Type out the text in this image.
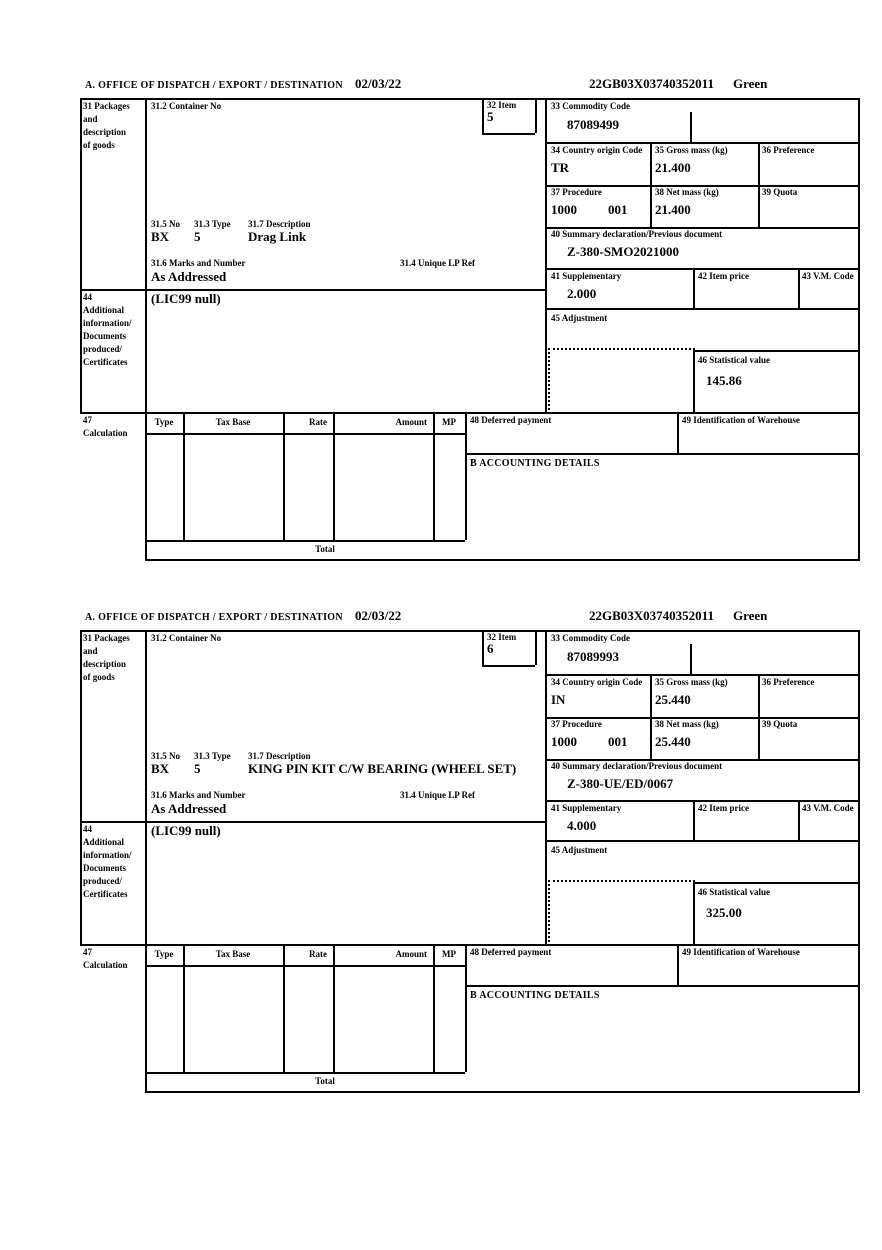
A. OFFICE OF DISPATCH / EXPORT / DESTINATION 02/03/22	22GB03X03740352011 Green
31 Packages
and
description
of goods
44
Additional
information/
Documents
produced/
Certificates
31.2 Container No	32 Item
5
31.5 No 31.3 Type 31.7 Description
BX 5	Drag Link
31.6 Marks and Number	31.4 Unique LP Ref
As Addressed
(LIC99 null)
33 Commodity Code
87089499
34 Country origin Code
TR
35 Gross mass (kg)
21.400
36 Preference
37 Procedure
1000 001
38 Net mass (kg)
21.400
39 Quota
40 Summary declaration/Previous document
Z-380-SMO2021000
41 Supplementary
2.000
42 Item price	43 V.M. Code
45 Adjustment
46 Statistical value
145.86
47
Calculation
Type	Tax Base	Rate	Amount	MP	48 Deferred payment	49 Identification of Warehouse
B ACCOUNTING DETAILS
Total
A. OFFICE OF DISPATCH / EXPORT / DESTINATION 02/03/22	22GB03X03740352011 Green
31 Packages
and
description
of goods
44
Additional
information/
Documents
produced/
Certificates
31.2 Container No	32 Item
6
31.5 No 31.3 Type 31.7 Description
BX 5	KING PIN KIT C/W BEARING (WHEEL SET)
31.6 Marks and Number	31.4 Unique LP Ref
As Addressed
(LIC99 null)
33 Commodity Code
87089993
34 Country origin Code
IN
35 Gross mass (kg)
25.440
36 Preference
37 Procedure
1000 001
38 Net mass (kg)
25.440
39 Quota
40 Summary declaration/Previous document
Z-380-UE/ED/0067
41 Supplementary
4.000
42 Item price	43 V.M. Code
45 Adjustment
46 Statistical value
325.00
47
Calculation
Type	Tax Base	Rate	Amount	MP	48 Deferred payment	49 Identification of Warehouse
B ACCOUNTING DETAILS
Total
